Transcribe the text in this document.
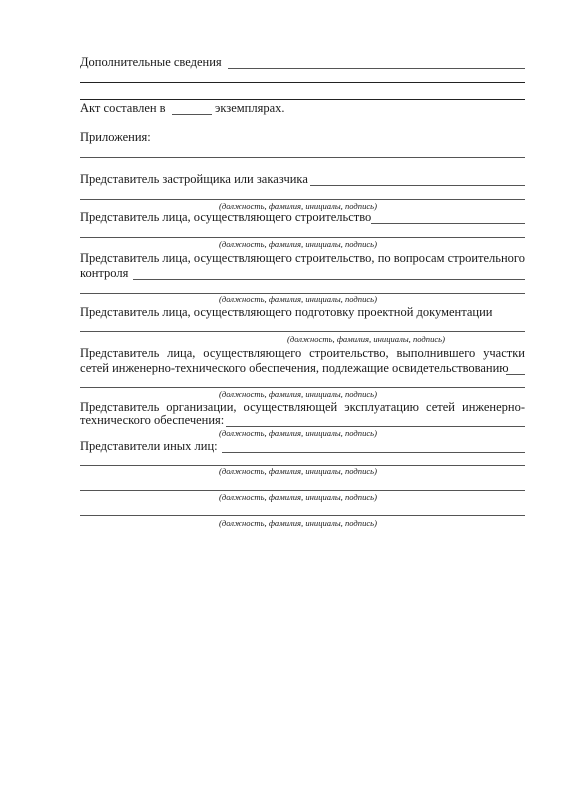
Дополнительные сведения
Акт составлен в	экземплярах.
Приложения:
Представитель застройщика или заказчика
(должность, фамилия, инициалы, подпись)
Представитель лица, осуществляющего строительство
(должность, фамилия, инициалы, подпись)
Представитель лица, осуществляющего строительство, по вопросам строительного
контроля
(должность, фамилия, инициалы, подпись)
Представитель лица, осуществляющего подготовку проектной документации
(должность, фамилия, инициалы, подпись)
Представитель лица, осуществляющего строительство, выполнившего участки
сетей инженерно-технического обеспечения, подлежащие освидетельствованию
(должность, фамилия, инициалы, подпись)
Представитель организации, осуществляющей эксплуатацию сетей инженерно-
технического обеспечения:
(должность, фамилия, инициалы, подпись)
Представители иных лиц:
(должность, фамилия, инициалы, подпись)
(должность, фамилия, инициалы, подпись)
(должность, фамилия, инициалы, подпись)
